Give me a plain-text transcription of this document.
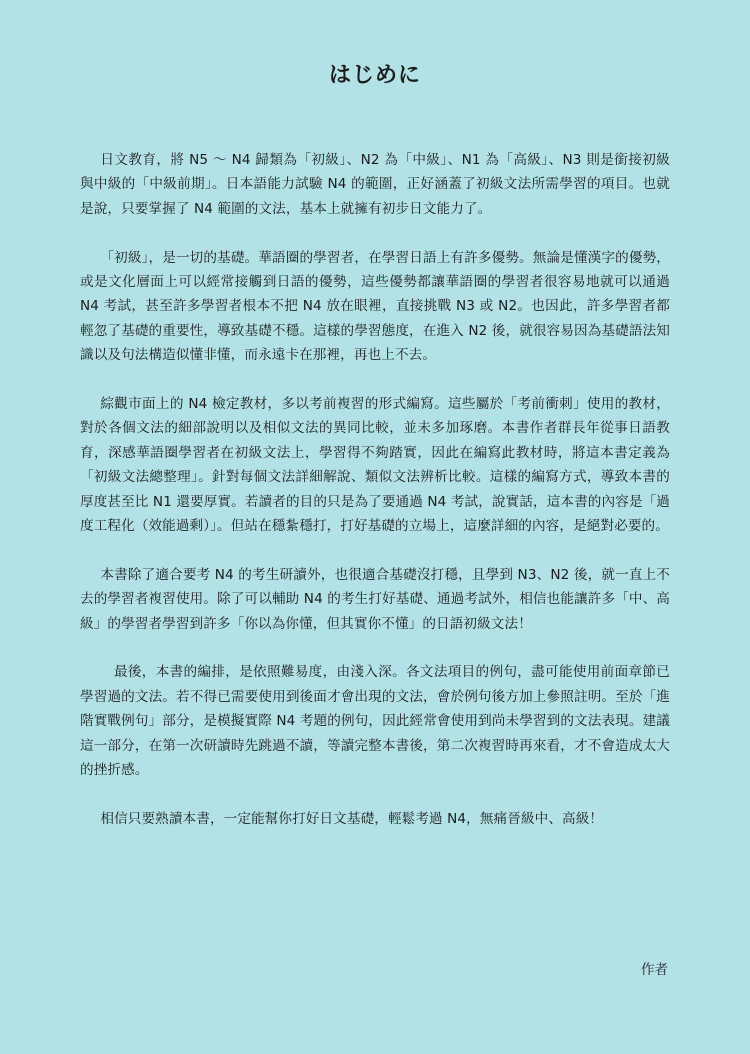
はじめに

日文教育，將 N5 ～ N4 歸類為「初級」、N2 為「中級」、N1 為「高級」、N3 則是銜接初級與中級的「中級前期」。日本語能力試驗 N4 的範圍，正好涵蓋了初級文法所需學習的項目。也就是說，只要掌握了 N4 範圍的文法，基本上就擁有初步日文能力了。

「初級」，是一切的基礎。華語圈的學習者，在學習日語上有許多優勢。無論是懂漢字的優勢，或是文化層面上可以經常接觸到日語的優勢，這些優勢都讓華語圈的學習者很容易地就可以通過 N4 考試，甚至許多學習者根本不把 N4 放在眼裡，直接挑戰 N3 或 N2。也因此，許多學習者都輕忽了基礎的重要性，導致基礎不穩。這樣的學習態度，在進入 N2 後，就很容易因為基礎語法知識以及句法構造似懂非懂，而永遠卡在那裡，再也上不去。

綜觀市面上的 N4 檢定教材，多以考前複習的形式編寫。這些屬於「考前衝刺」使用的教材，對於各個文法的細部說明以及相似文法的異同比較，並未多加琢磨。本書作者群長年從事日語教育，深感華語圈學習者在初級文法上，學習得不夠踏實，因此在編寫此教材時，將這本書定義為「初級文法總整理」。針對每個文法詳細解說、類似文法辨析比較。這樣的編寫方式，導致本書的厚度甚至比 N1 還要厚實。若讀者的目的只是為了要通過 N4 考試，說實話，這本書的內容是「過度工程化（效能過剩）」。但站在穩紮穩打，打好基礎的立場上，這麼詳細的內容，是絕對必要的。

本書除了適合要考 N4 的考生研讀外，也很適合基礎沒打穩，且學到 N3、N2 後，就一直上不去的學習者複習使用。除了可以輔助 N4 的考生打好基礎、通過考試外，相信也能讓許多「中、高級」的學習者學習到許多「你以為你懂，但其實你不懂」的日語初級文法！

最後，本書的編排，是依照難易度，由淺入深。各文法項目的例句，盡可能使用前面章節已學習過的文法。若不得已需要使用到後面才會出現的文法，會於例句後方加上參照註明。至於「進階實戰例句」部分，是模擬實際 N4 考題的例句，因此經常會使用到尚未學習到的文法表現。建議這一部分，在第一次研讀時先跳過不讀，等讀完整本書後，第二次複習時再來看，才不會造成太大的挫折感。

相信只要熟讀本書，一定能幫你打好日文基礎，輕鬆考過 N4，無痛晉級中、高級！

作者
